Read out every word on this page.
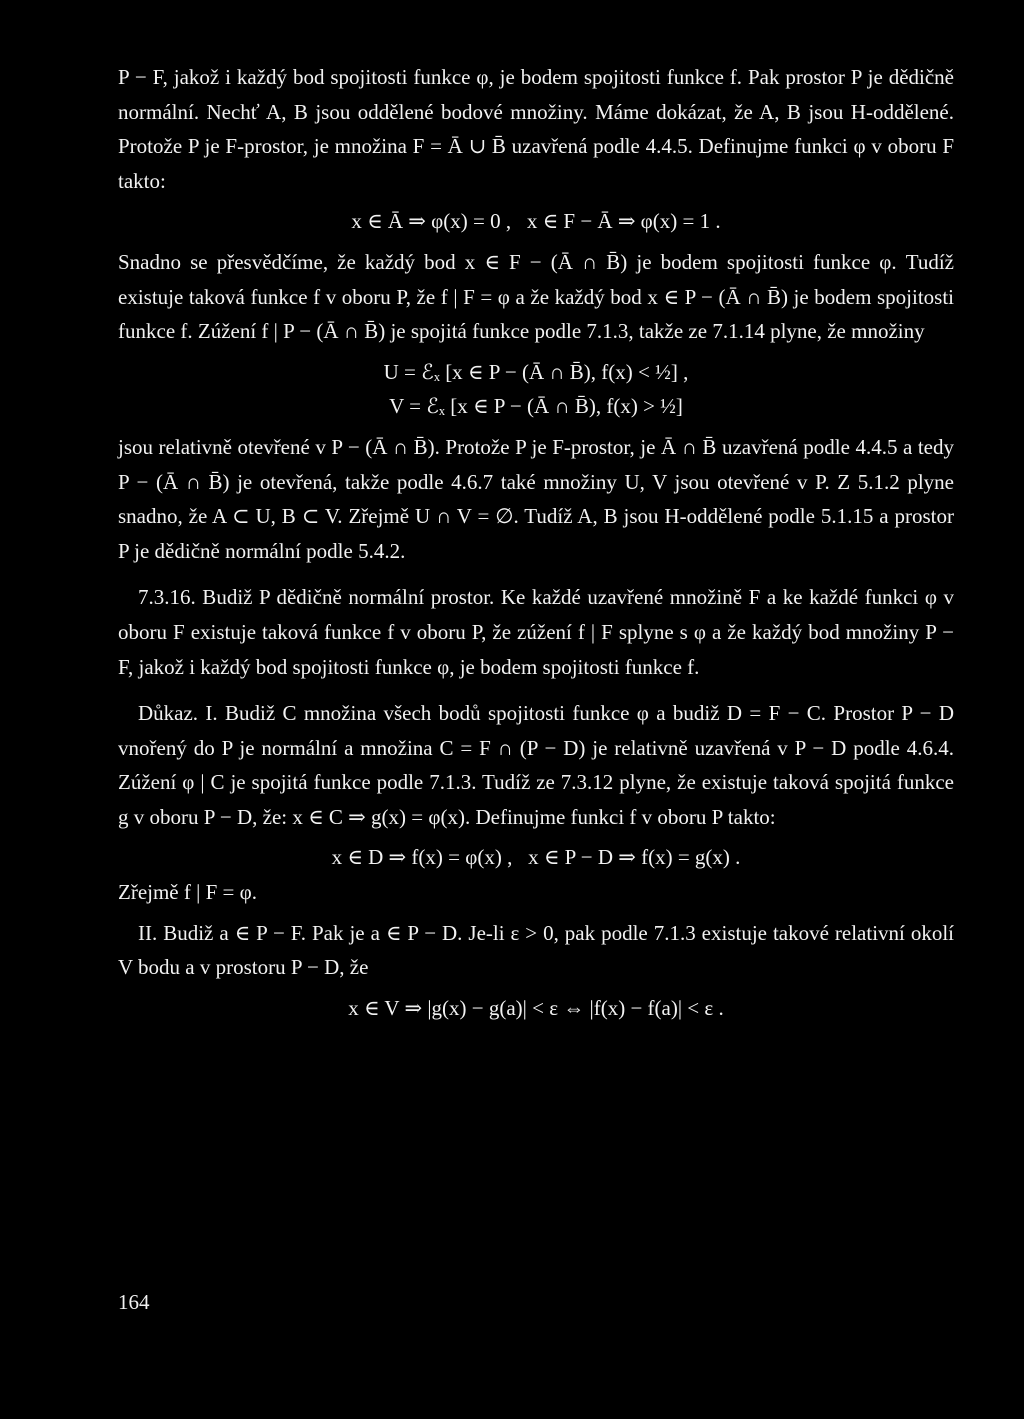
P − F, jakož i každý bod spojitosti funkce φ, je bodem spojitosti funkce f. Pak prostor P je dědičně normální. Nechť A, B jsou oddělené bodové množiny. Máme dokázat, že A, B jsou H-oddělené. Protože P je F-prostor, je množina F = Ā ∪ B̄ uzavřená podle 4.4.5. Definujme funkci φ v oboru F takto:

x ∈ Ā ⇒ φ(x) = 0 ,   x ∈ F − Ā ⇒ φ(x) = 1 .

Snadno se přesvědčíme, že každý bod x ∈ F − (Ā ∩ B̄) je bodem spojitosti funkce φ. Tudíž existuje taková funkce f v oboru P, že f | F = φ a že každý bod x ∈ P − (Ā ∩ B̄) je bodem spojitosti funkce f. Zúžení f | P − (Ā ∩ B̄) je spojitá funkce podle 7.1.3, takže ze 7.1.14 plyne, že množiny

U = ℰₓ [x ∈ P − (Ā ∩ B̄), f(x) < ½] ,

V = ℰₓ [x ∈ P − (Ā ∩ B̄), f(x) > ½]

jsou relativně otevřené v P − (Ā ∩ B̄). Protože P je F-prostor, je Ā ∩ B̄ uzavřená podle 4.4.5 a tedy P − (Ā ∩ B̄) je otevřená, takže podle 4.6.7 také množiny U, V jsou otevřené v P. Z 5.1.2 plyne snadno, že A ⊂ U, B ⊂ V. Zřejmě U ∩ V = ∅. Tudíž A, B jsou H-oddělené podle 5.1.15 a prostor P je dědičně normální podle 5.4.2.

7.3.16. Budiž P dědičně normální prostor. Ke každé uzavřené množině F a ke každé funkci φ v oboru F existuje taková funkce f v oboru P, že zúžení f | F splyne s φ a že každý bod množiny P − F, jakož i každý bod spojitosti funkce φ, je bodem spojitosti funkce f.

Důkaz. I. Budiž C množina všech bodů spojitosti funkce φ a budiž D = F − C. Prostor P − D vnořený do P je normální a množina C = F ∩ (P − D) je relativně uzavřená v P − D podle 4.6.4. Zúžení φ | C je spojitá funkce podle 7.1.3. Tudíž ze 7.3.12 plyne, že existuje taková spojitá funkce g v oboru P − D, že: x ∈ C ⇒ g(x) = φ(x). Definujme funkci f v oboru P takto:

x ∈ D ⇒ f(x) = φ(x) ,   x ∈ P − D ⇒ f(x) = g(x) .

Zřejmě f | F = φ.

II. Budiž a ∈ P − F. Pak je a ∈ P − D. Je-li ε > 0, pak podle 7.1.3 existuje takové relativní okolí V bodu a v prostoru P − D, že

x ∈ V ⇒ |g(x) − g(a)| < ε ⇔ |f(x) − f(a)| < ε .

164
